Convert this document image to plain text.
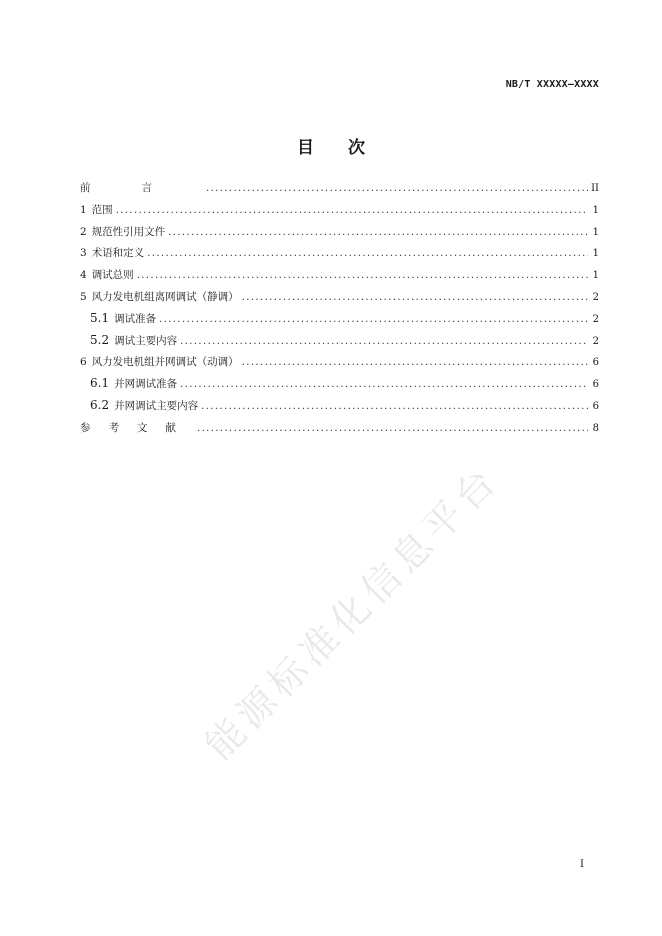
NB/T XXXXX—XXXX
目次
前言 .....	II
1 范围 .....	1
2 规范性引用文件 .....	1
3 术语和定义 .....	1
4 调试总则 .....	1
5 风力发电机组离网调试（静调） .....	2
5.1 调试准备 .....	2
5.2 调试主要内容 .....	2
6 风力发电机组并网调试（动调） .....	6
6.1 并网调试准备 .....	6
6.2 并网调试主要内容 .....	6
参考文献 .....	8
能源标准化信息平台
I
